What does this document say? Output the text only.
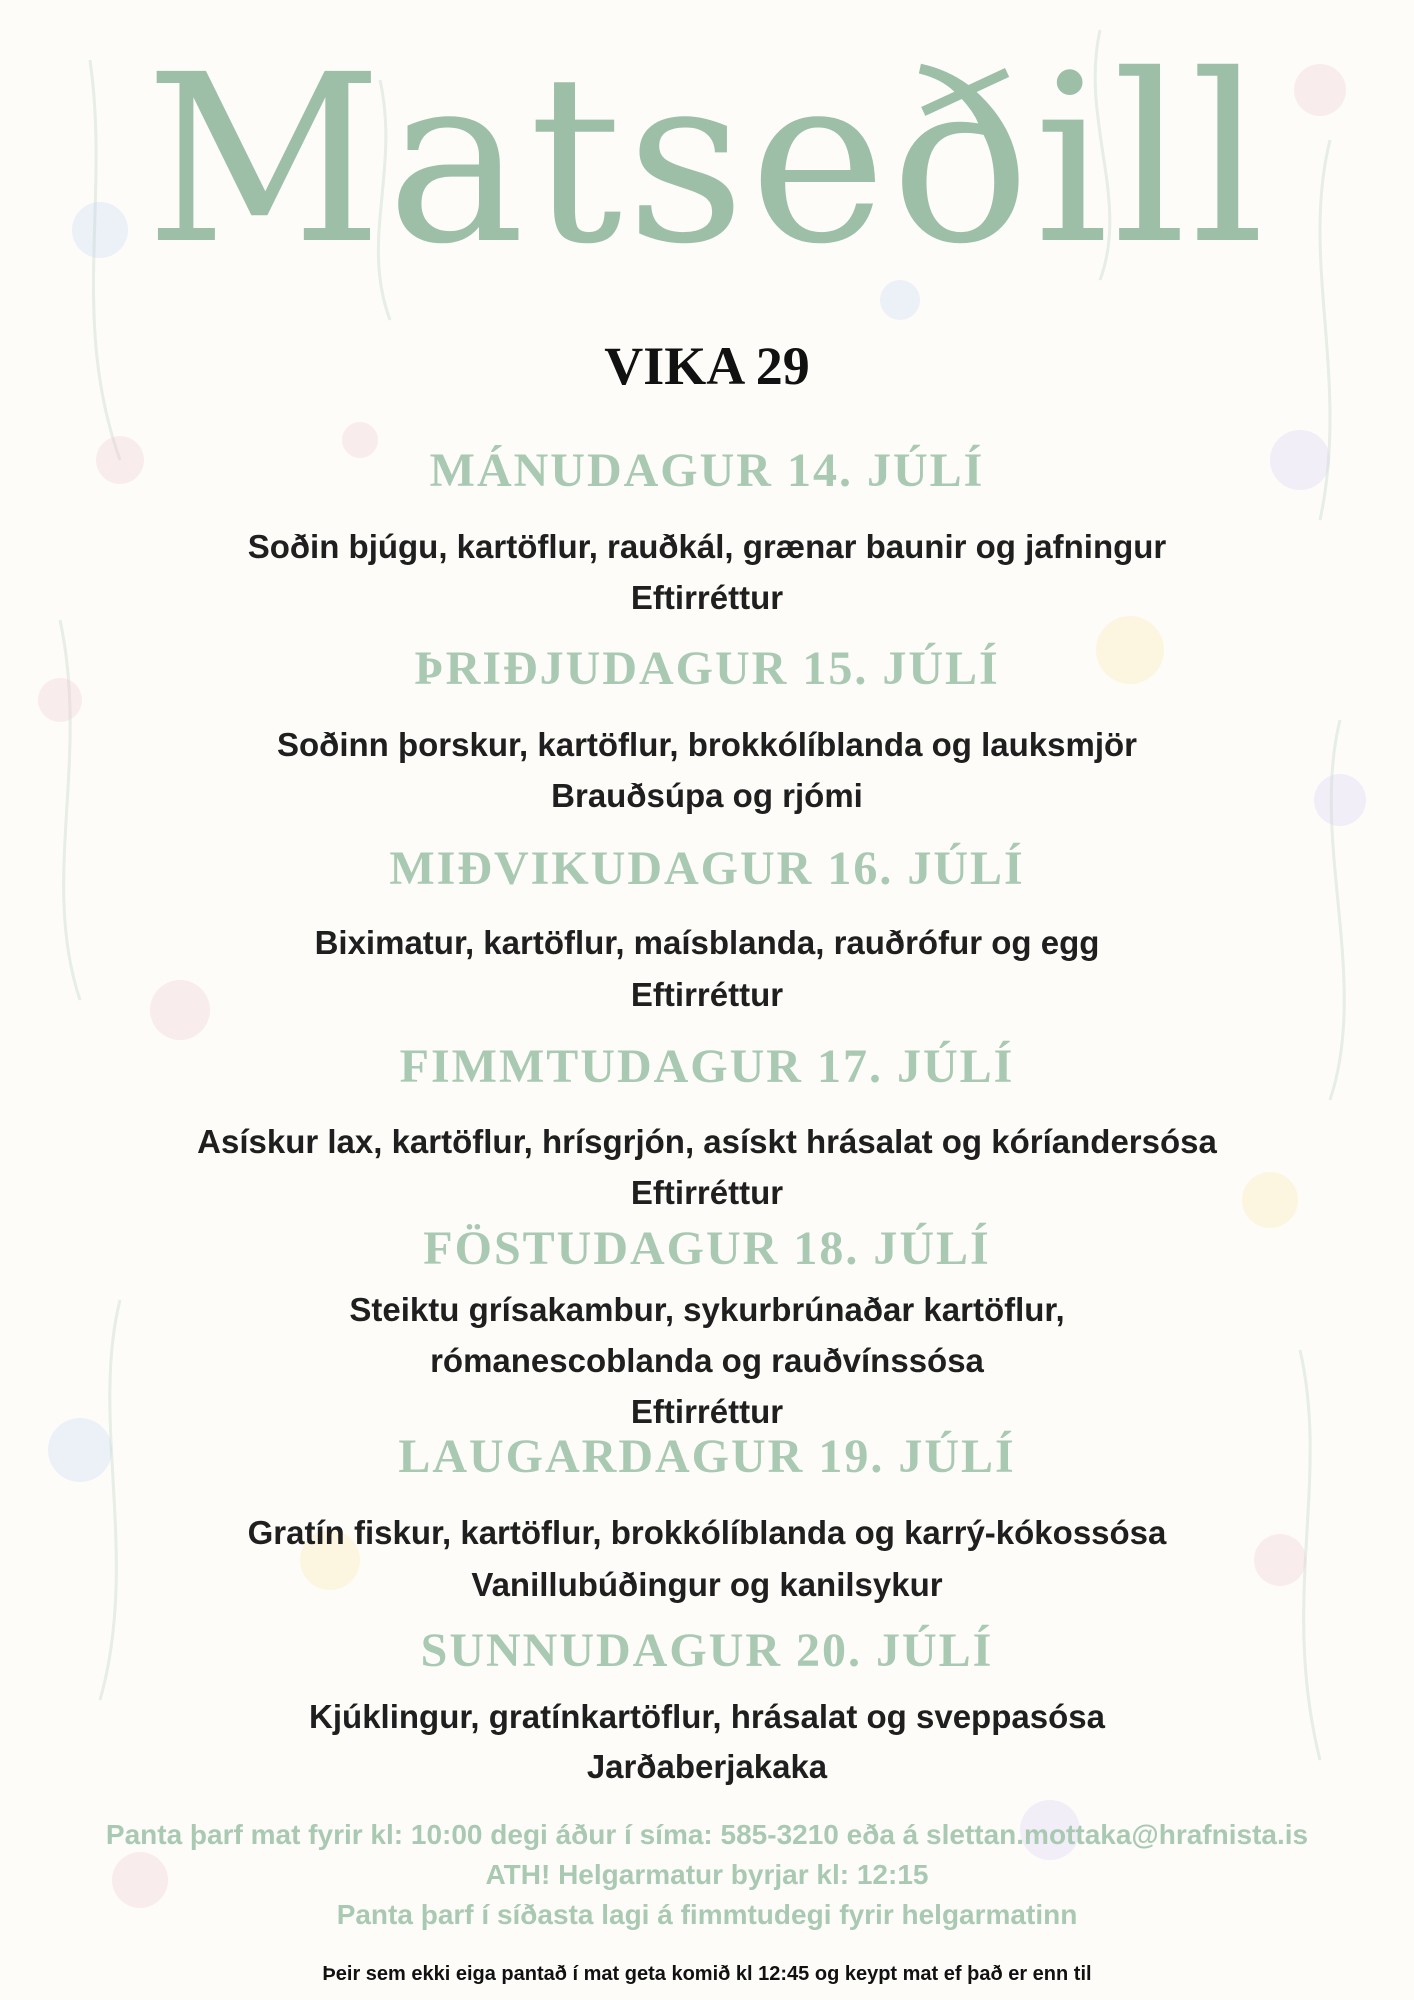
Matseðill
VIKA 29
MÁNUDAGUR 14. JÚLÍ
Soðin bjúgu, kartöflur, rauðkál, grænar baunir og jafningur
Eftirréttur
ÞRIÐJUDAGUR 15. JÚLÍ
Soðinn þorskur, kartöflur, brokkólíblanda og lauksmjör
Brauðsúpa og rjómi
MIÐVIKUDAGUR 16. JÚLÍ
Biximatur, kartöflur, maísblanda, rauðrófur og egg
Eftirréttur
FIMMTUDAGUR 17. JÚLÍ
Asískur lax, kartöflur, hrísgrjón, asískt hrásalat og kóríandersósa
Eftirréttur
FÖSTUDAGUR 18. JÚLÍ
Steiktu grísakambur, sykurbrúnaðar kartöflur,
rómanescoblanda og rauðvínssósa
Eftirréttur
LAUGARDAGUR 19. JÚLÍ
Gratín fiskur, kartöflur, brokkólíblanda og karrý-kókossósa
Vanillubúðingur og kanilsykur
SUNNUDAGUR 20. JÚLÍ
Kjúklingur, gratínkartöflur, hrásalat og sveppasósa
Jarðaberjakaka
Panta þarf mat fyrir kl: 10:00 degi áður í síma: 585-3210 eða á slettan.mottaka@hrafnista.is
ATH! Helgarmatur byrjar kl: 12:15
Panta þarf í síðasta lagi á fimmtudegi fyrir helgarmatinn
Þeir sem ekki eiga pantað í mat geta komið kl 12:45 og keypt mat ef það er enn til
